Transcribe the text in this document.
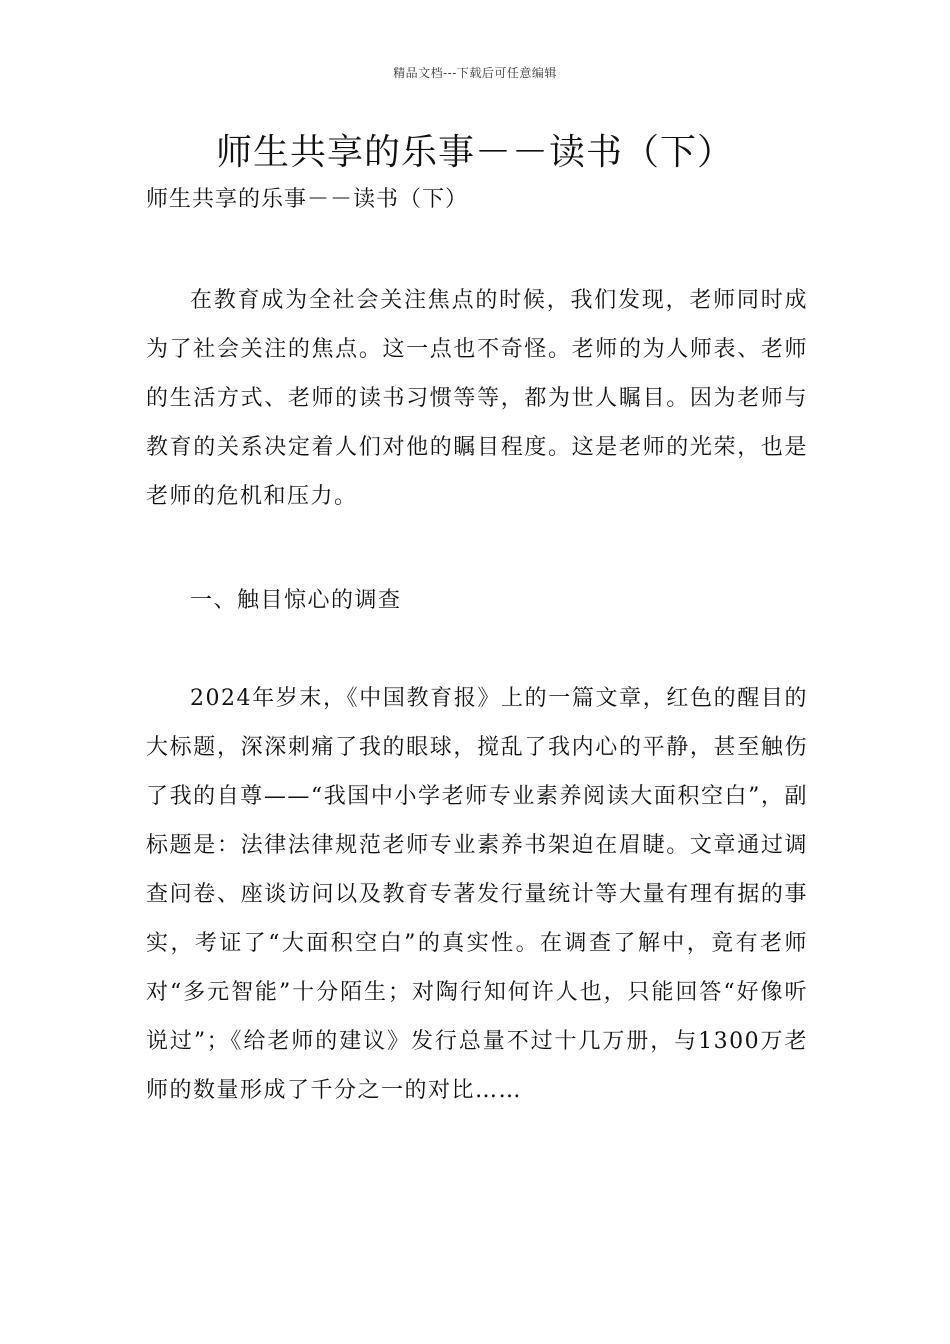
精品文档---下载后可任意编辑
师生共享的乐事－－读书（下）
师生共享的乐事－－读书（下）

在教育成为全社会关注焦点的时候，我们发现，老师同时成为了社会关注的焦点。这一点也不奇怪。老师的为人师表、老师的生活方式、老师的读书习惯等等，都为世人瞩目。因为老师与教育的关系决定着人们对他的瞩目程度。这是老师的光荣，也是老师的危机和压力。

一、触目惊心的调查

2024年岁末，《中国教育报》上的一篇文章，红色的醒目的大标题，深深刺痛了我的眼球，搅乱了我内心的平静，甚至触伤了我的自尊——“我国中小学老师专业素养阅读大面积空白”，副标题是：法律法律规范老师专业素养书架迫在眉睫。文章通过调查问卷、座谈访问以及教育专著发行量统计等大量有理有据的事实，考证了“大面积空白”的真实性。在调查了解中，竟有老师对“多元智能”十分陌生；对陶行知何许人也，只能回答“好像听说过”；《给老师的建议》发行总量不过十几万册，与1300万老师的数量形成了千分之一的对比……
